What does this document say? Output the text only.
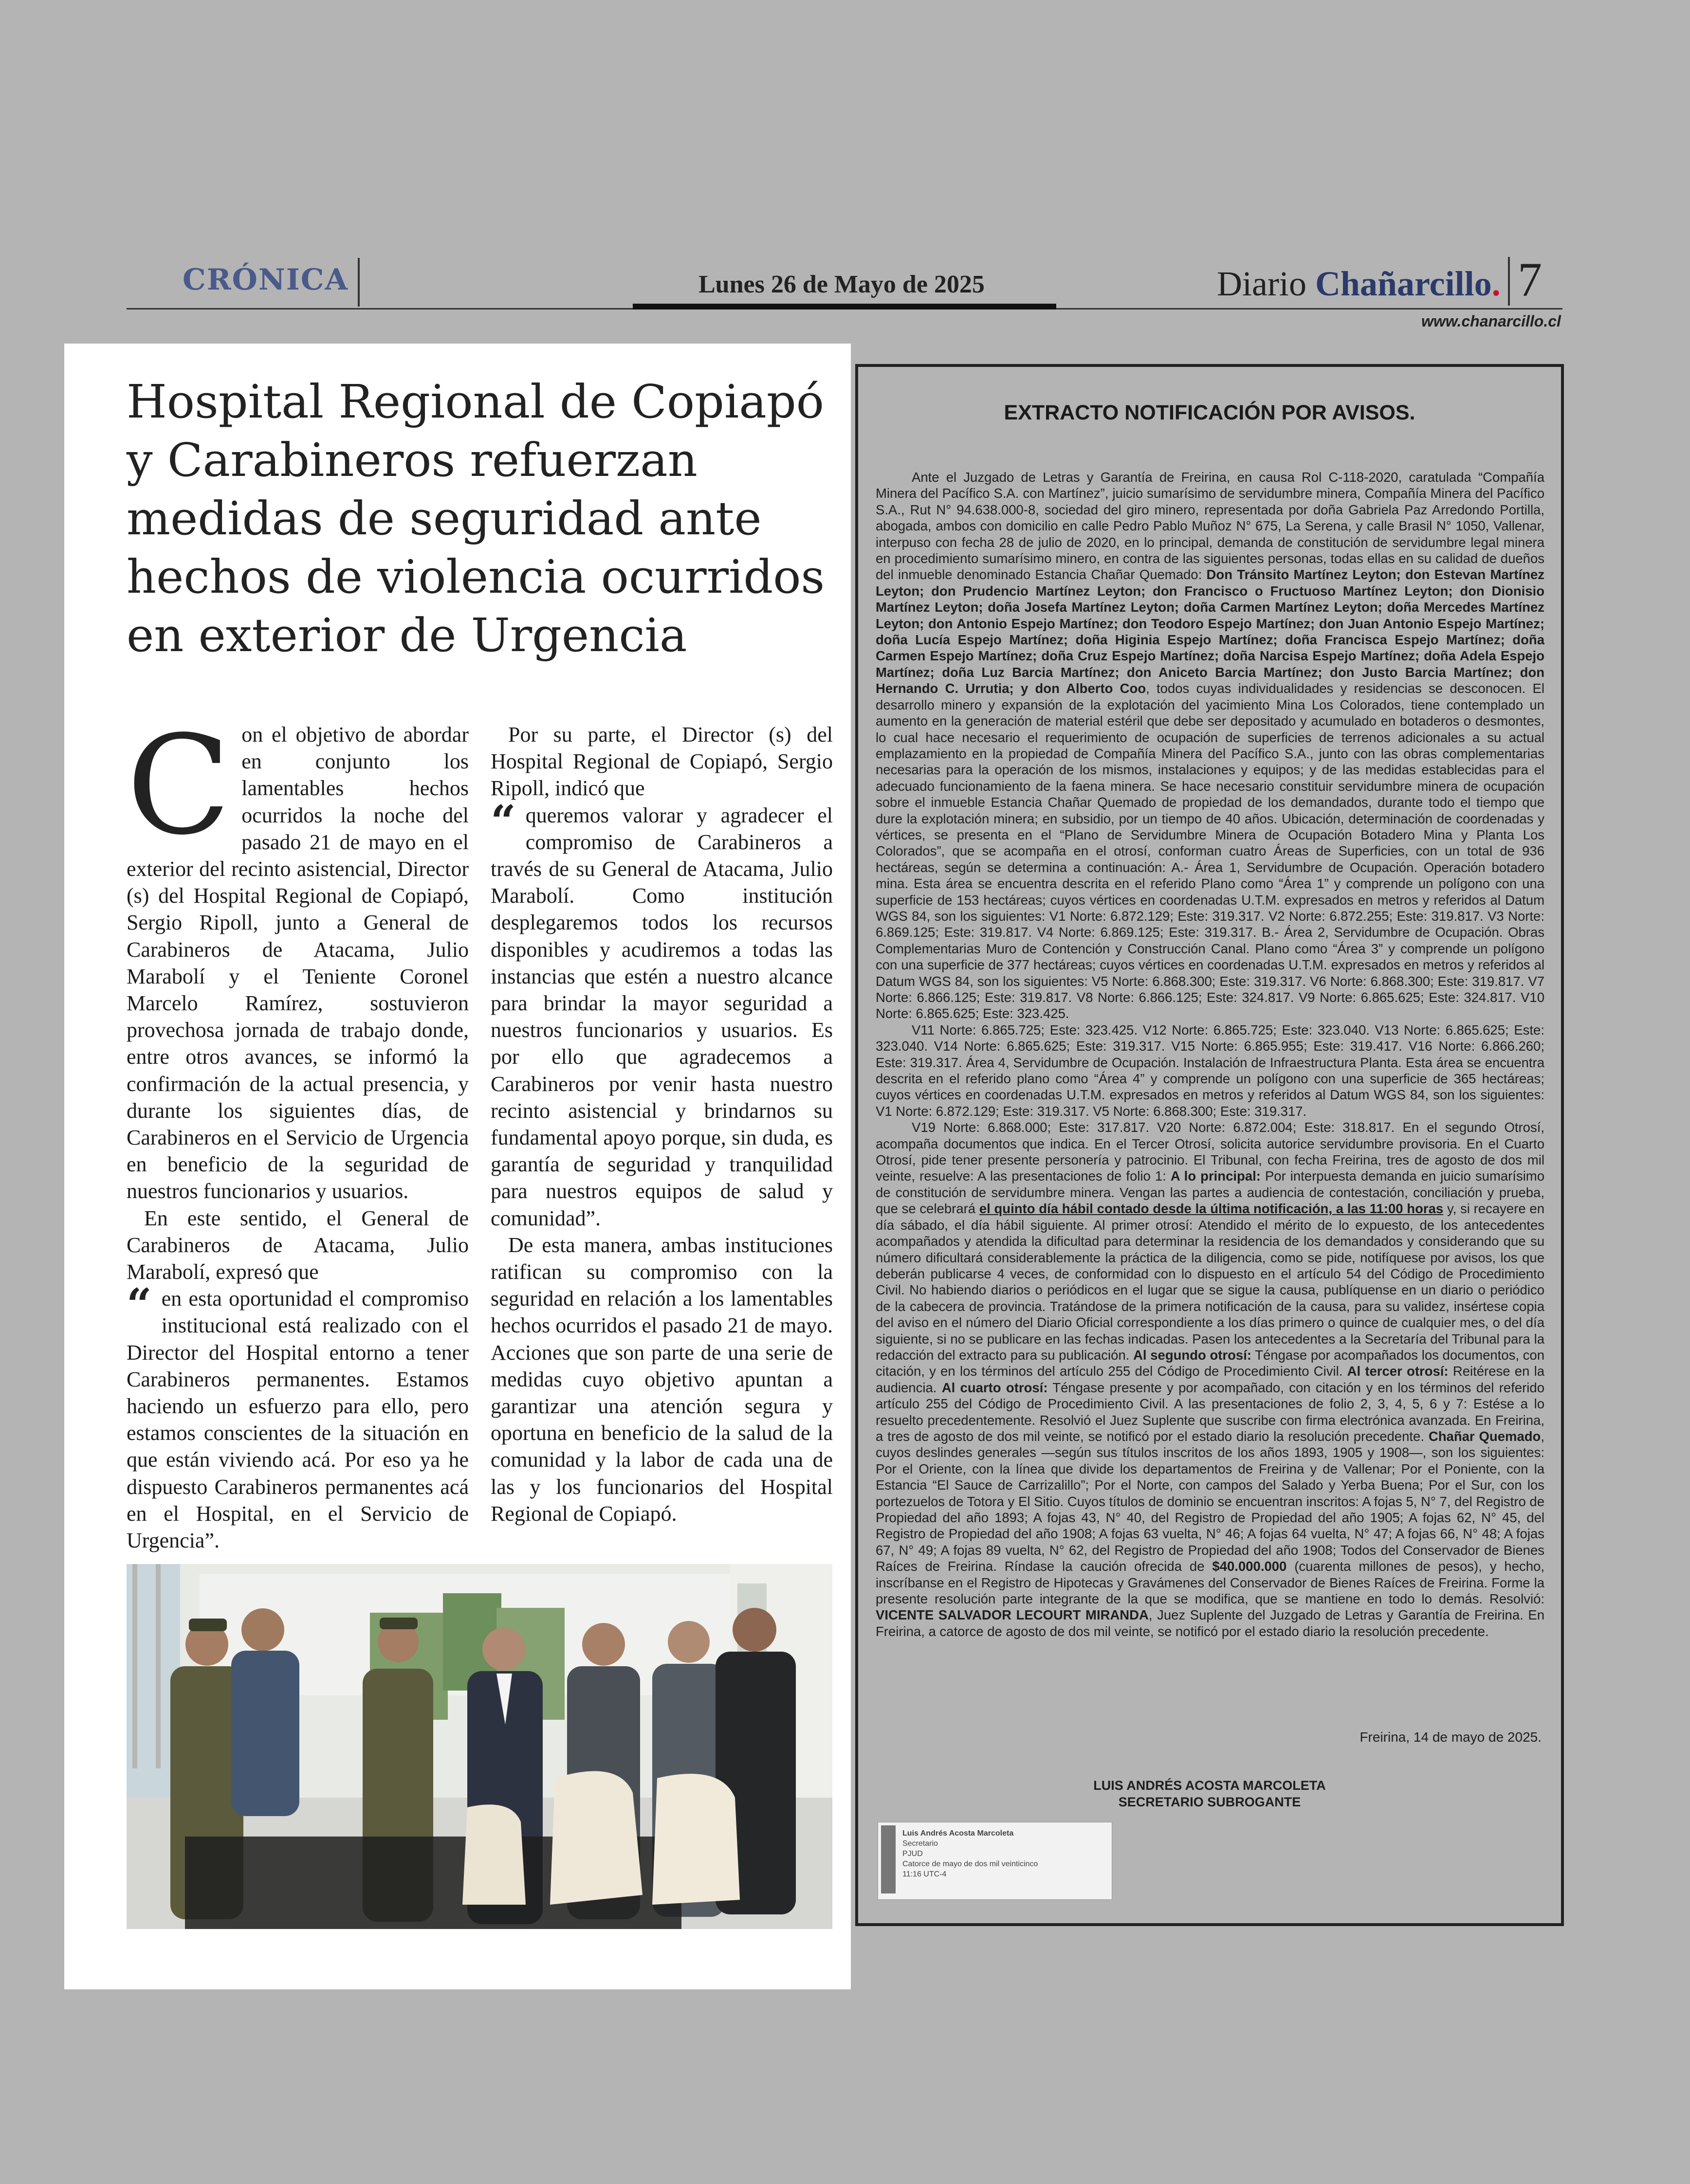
CRÓNICA	Lunes 26 de Mayo de 2025	Diario Chañarcillo. 7
www.chanarcillo.cl
Hospital Regional de Copiapó
y Carabineros refuerzan
medidas de seguridad ante
hechos de violencia ocurridos
en exterior de Urgencia

Con el objetivo de abordar en conjunto los lamentables hechos ocurridos la noche del pasado 21 de mayo en el exterior del recinto asistencial, Director (s) del Hospital Regional de Copiapó, Sergio Ripoll, junto a General de Carabineros de Atacama, Julio Marabolí y el Teniente Coronel Marcelo Ramírez, sostuvieron provechosa jornada de trabajo donde, entre otros avances, se informó la confirmación de la actual presencia, y durante los siguientes días, de Carabineros en el Servicio de Urgencia en beneficio de la seguridad de nuestros funcionarios y usuarios.

En este sentido, el General de Carabineros de Atacama, Julio Marabolí, expresó que

“ en esta oportunidad el compromiso institucional está realizado con el Director del Hospital entorno a tener Carabineros permanentes. Estamos haciendo un esfuerzo para ello, pero estamos conscientes de la situación en que están viviendo acá. Por eso ya he dispuesto Carabineros permanentes acá en el Hospital, en el Servicio de Urgencia”.

Por su parte, el Director (s) del Hospital Regional de Copiapó, Sergio Ripoll, indicó que

“ queremos valorar y agradecer el compromiso de Carabineros a través de su General de Atacama, Julio Marabolí. Como institución desplegaremos todos los recursos disponibles y acudiremos a todas las instancias que estén a nuestro alcance para brindar la mayor seguridad a nuestros funcionarios y usuarios. Es por ello que agradecemos a Carabineros por venir hasta nuestro recinto asistencial y brindarnos su fundamental apoyo porque, sin duda, es garantía de seguridad y tranquilidad para nuestros equipos de salud y comunidad”.

De esta manera, ambas instituciones ratifican su compromiso con la seguridad en relación a los lamentables hechos ocurridos el pasado 21 de mayo. Acciones que son parte de una serie de medidas cuyo objetivo apuntan a garantizar una atención segura y oportuna en beneficio de la salud de la comunidad y la labor de cada una de las y los funcionarios del Hospital Regional de Copiapó.

EXTRACTO NOTIFICACIÓN POR AVISOS.

Ante el Juzgado de Letras y Garantía de Freirina, en causa Rol C-118-2020, caratulada “Compañía Minera del Pacífico S.A. con Martínez”, juicio sumarísimo de servidumbre minera, Compañía Minera del Pacífico S.A., Rut N° 94.638.000-8, sociedad del giro minero, representada por doña Gabriela Paz Arredondo Portilla, abogada, ambos con domicilio en calle Pedro Pablo Muñoz N° 675, La Serena, y calle Brasil N° 1050, Vallenar, interpuso con fecha 28 de julio de 2020, en lo principal, demanda de constitución de servidumbre legal minera en procedimiento sumarísimo minero, en contra de las siguientes personas, todas ellas en su calidad de dueños del inmueble denominado Estancia Chañar Quemado: Don Tránsito Martínez Leyton; don Estevan Martínez Leyton; don Prudencio Martínez Leyton; don Francisco o Fructuoso Martínez Leyton; don Dionisio Martínez Leyton; doña Josefa Martínez Leyton; doña Carmen Martínez Leyton; doña Mercedes Martínez Leyton; don Antonio Espejo Martínez; don Teodoro Espejo Martínez; don Juan Antonio Espejo Martínez; doña Lucía Espejo Martínez; doña Higinia Espejo Martínez; doña Francisca Espejo Martínez; doña Carmen Espejo Martínez; doña Cruz Espejo Martínez; doña Narcisa Espejo Martínez; doña Adela Espejo Martínez; doña Luz Barcia Martínez; don Aniceto Barcia Martínez; don Justo Barcia Martínez; don Hernando C. Urrutia; y don Alberto Coo, todos cuyas individualidades y residencias se desconocen. El desarrollo minero y expansión de la explotación del yacimiento Mina Los Colorados, tiene contemplado un aumento en la generación de material estéril que debe ser depositado y acumulado en botaderos o desmontes, lo cual hace necesario el requerimiento de ocupación de superficies de terrenos adicionales a su actual emplazamiento en la propiedad de Compañía Minera del Pacífico S.A., junto con las obras complementarias necesarias para la operación de los mismos, instalaciones y equipos; y de las medidas establecidas para el adecuado funcionamiento de la faena minera. Se hace necesario constituir servidumbre minera de ocupación sobre el inmueble Estancia Chañar Quemado de propiedad de los demandados, durante todo el tiempo que dure la explotación minera; en subsidio, por un tiempo de 40 años. Ubicación, determinación de coordenadas y vértices, se presenta en el “Plano de Servidumbre Minera de Ocupación Botadero Mina y Planta Los Colorados”, que se acompaña en el otrosí, conforman cuatro Áreas de Superficies, con un total de 936 hectáreas, según se determina a continuación: A.- Área 1, Servidumbre de Ocupación. Operación botadero mina. Esta área se encuentra descrita en el referido Plano como “Área 1” y comprende un polígono con una superficie de 153 hectáreas; cuyos vértices en coordenadas U.T.M. expresados en metros y referidos al Datum WGS 84, son los siguientes: V1 Norte: 6.872.129; Este: 319.317. V2 Norte: 6.872.255; Este: 319.817. V3 Norte: 6.869.125; Este: 319.817. V4 Norte: 6.869.125; Este: 319.317. B.- Área 2, Servidumbre de Ocupación. Obras Complementarias Muro de Contención y Construcción Canal. Plano como “Área 3” y comprende un polígono con una superficie de 377 hectáreas; cuyos vértices en coordenadas U.T.M. expresados en metros y referidos al Datum WGS 84, son los siguientes: V5 Norte: 6.868.300; Este: 319.317. V6 Norte: 6.868.300; Este: 319.817. V7 Norte: 6.866.125; Este: 319.817. V8 Norte: 6.866.125; Este: 324.817. V9 Norte: 6.865.625; Este: 324.817. V10 Norte: 6.865.625; Este: 323.425.

V11 Norte: 6.865.725; Este: 323.425. V12 Norte: 6.865.725; Este: 323.040. V13 Norte: 6.865.625; Este: 323.040. V14 Norte: 6.865.625; Este: 319.317. V15 Norte: 6.865.955; Este: 319.417. V16 Norte: 6.866.260; Este: 319.317. Área 4, Servidumbre de Ocupación. Instalación de Infraestructura Planta. Esta área se encuentra descrita en el referido plano como “Área 4” y comprende un polígono con una superficie de 365 hectáreas; cuyos vértices en coordenadas U.T.M. expresados en metros y referidos al Datum WGS 84, son los siguientes: V1 Norte: 6.872.129; Este: 319.317. V5 Norte: 6.868.300; Este: 319.317.

V19 Norte: 6.868.000; Este: 317.817. V20 Norte: 6.872.004; Este: 318.817. En el segundo Otrosí, acompaña documentos que indica. En el Tercer Otrosí, solicita autorice servidumbre provisoria. En el Cuarto Otrosí, pide tener presente personería y patrocinio. El Tribunal, con fecha Freirina, tres de agosto de dos mil veinte, resuelve: A las presentaciones de folio 1: A lo principal: Por interpuesta demanda en juicio sumarísimo de constitución de servidumbre minera. Vengan las partes a audiencia de contestación, conciliación y prueba, que se celebrará el quinto día hábil contado desde la última notificación, a las 11:00 horas y, si recayere en día sábado, el día hábil siguiente. Al primer otrosí: Atendido el mérito de lo expuesto, de los antecedentes acompañados y atendida la dificultad para determinar la residencia de los demandados y considerando que su número dificultará considerablemente la práctica de la diligencia, como se pide, notifíquese por avisos, los que deberán publicarse 4 veces, de conformidad con lo dispuesto en el artículo 54 del Código de Procedimiento Civil. No habiendo diarios o periódicos en el lugar que se sigue la causa, publíquense en un diario o periódico de la cabecera de provincia. Tratándose de la primera notificación de la causa, para su validez, insértese copia del aviso en el número del Diario Oficial correspondiente a los días primero o quince de cualquier mes, o del día siguiente, si no se publicare en las fechas indicadas. Pasen los antecedentes a la Secretaría del Tribunal para la redacción del extracto para su publicación. Al segundo otrosí: Téngase por acompañados los documentos, con citación, y en los términos del artículo 255 del Código de Procedimiento Civil. Al tercer otrosí: Reitérese en la audiencia. Al cuarto otrosí: Téngase presente y por acompañado, con citación y en los términos del referido artículo 255 del Código de Procedimiento Civil. A las presentaciones de folio 2, 3, 4, 5, 6 y 7: Estése a lo resuelto precedentemente. Resolvió el Juez Suplente que suscribe con firma electrónica avanzada. En Freirina, a tres de agosto de dos mil veinte, se notificó por el estado diario la resolución precedente. Chañar Quemado, cuyos deslindes generales —según sus títulos inscritos de los años 1893, 1905 y 1908—, son los siguientes: Por el Oriente, con la línea que divide los departamentos de Freirina y de Vallenar; Por el Poniente, con la Estancia “El Sauce de Carrizalillo”; Por el Norte, con campos del Salado y Yerba Buena; Por el Sur, con los portezuelos de Totora y El Sitio. Cuyos títulos de dominio se encuentran inscritos: A fojas 5, N° 7, del Registro de Propiedad del año 1893; A fojas 43, N° 40, del Registro de Propiedad del año 1905; A fojas 62, N° 45, del Registro de Propiedad del año 1908; A fojas 63 vuelta, N° 46; A fojas 64 vuelta, N° 47; A fojas 66, N° 48; A fojas 67, N° 49; A fojas 89 vuelta, N° 62, del Registro de Propiedad del año 1908; Todos del Conservador de Bienes Raíces de Freirina. Ríndase la caución ofrecida de $40.000.000 (cuarenta millones de pesos), y hecho, inscríbanse en el Registro de Hipotecas y Gravámenes del Conservador de Bienes Raíces de Freirina. Forme la presente resolución parte integrante de la que se modifica, que se mantiene en todo lo demás. Resolvió: VICENTE SALVADOR LECOURT MIRANDA, Juez Suplente del Juzgado de Letras y Garantía de Freirina. En Freirina, a catorce de agosto de dos mil veinte, se notificó por el estado diario la resolución precedente.

Freirina, 14 de mayo de 2025.
LUIS ANDRÉS ACOSTA MARCOLETA
SECRETARIO SUBROGANTE
Luis Andrés Acosta Marcoleta
Secretario
PJUD
Catorce de mayo de dos mil veinticinco
11:16 UTC-4
